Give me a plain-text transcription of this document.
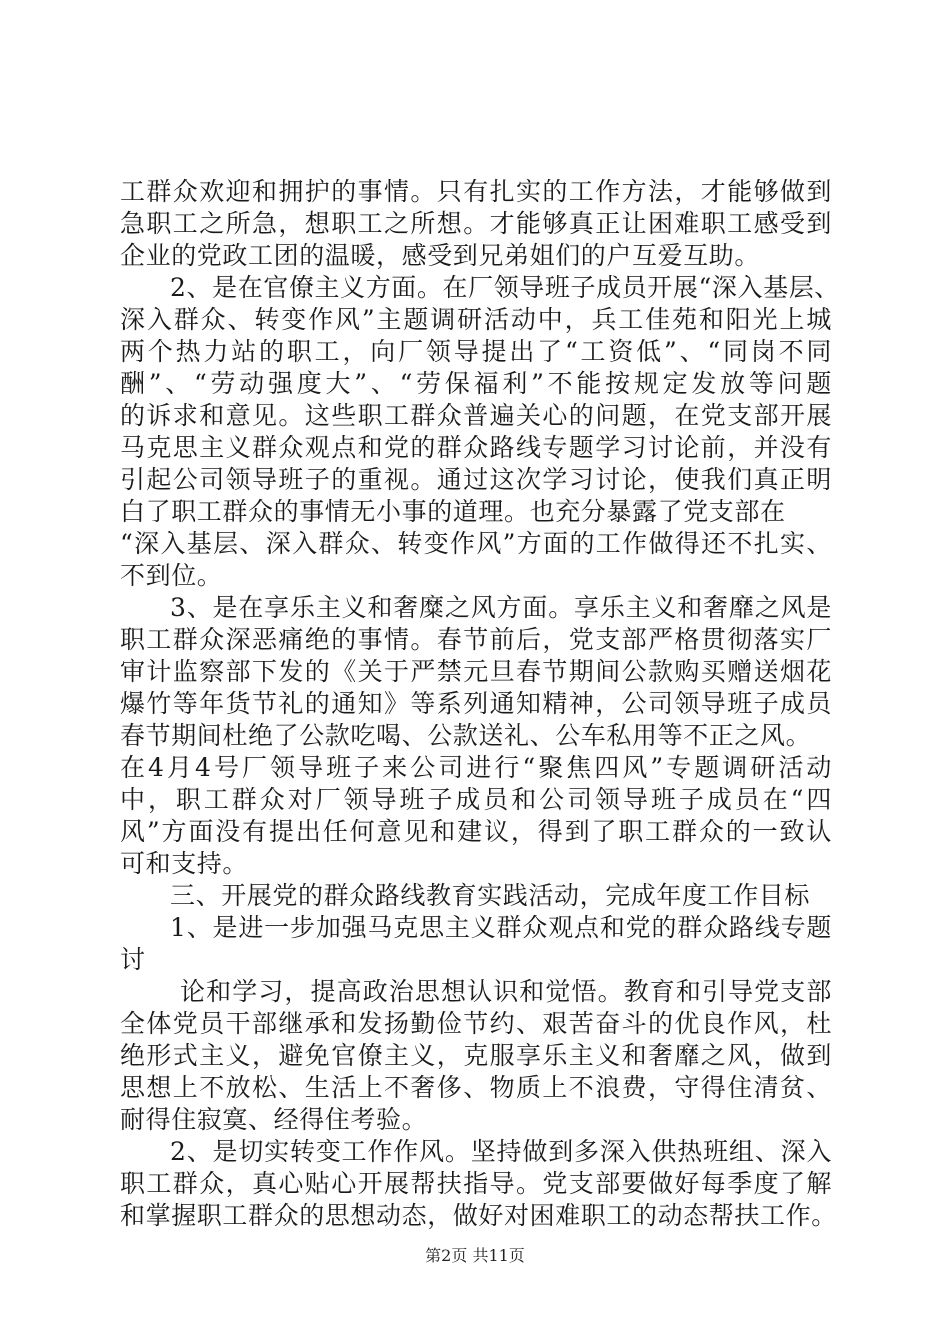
工群众欢迎和拥护的事情。只有扎实的工作方法，才能够做到
急职工之所急，想职工之所想。才能够真正让困难职工感受到
企业的党政工团的温暖，感受到兄弟姐们的户互爱互助。
2、是在官僚主义方面。在厂领导班子成员开展“深入基层、
深入群众、转变作风”主题调研活动中，兵工佳苑和阳光上城
两个热力站的职工，向厂领导提出了“工资低”、“同岗不同
酬”、“劳动强度大”、“劳保福利”不能按规定发放等问题
的诉求和意见。这些职工群众普遍关心的问题，在党支部开展
马克思主义群众观点和党的群众路线专题学习讨论前，并没有
引起公司领导班子的重视。通过这次学习讨论，使我们真正明
白了职工群众的事情无小事的道理。也充分暴露了党支部在
“深入基层、深入群众、转变作风”方面的工作做得还不扎实、
不到位。
3、是在享乐主义和奢糜之风方面。享乐主义和奢靡之风是
职工群众深恶痛绝的事情。春节前后，党支部严格贯彻落实厂
审计监察部下发的《关于严禁元旦春节期间公款购买赠送烟花
爆竹等年货节礼的通知》等系列通知精神，公司领导班子成员
春节期间杜绝了公款吃喝、公款送礼、公车私用等不正之风。
在4月4号厂领导班子来公司进行“聚焦四风”专题调研活动
中，职工群众对厂领导班子成员和公司领导班子成员在“四
风”方面没有提出任何意见和建议，得到了职工群众的一致认
可和支持。
三、开展党的群众路线教育实践活动，完成年度工作目标
1、是进一步加强马克思主义群众观点和党的群众路线专题
讨
论和学习，提高政治思想认识和觉悟。教育和引导党支部
全体党员干部继承和发扬勤俭节约、艰苦奋斗的优良作风，杜
绝形式主义，避免官僚主义，克服享乐主义和奢靡之风，做到
思想上不放松、生活上不奢侈、物质上不浪费，守得住清贫、
耐得住寂寞、经得住考验。
2、是切实转变工作作风。坚持做到多深入供热班组、深入
职工群众，真心贴心开展帮扶指导。党支部要做好每季度了解
和掌握职工群众的思想动态，做好对困难职工的动态帮扶工作。
第2页 共11页
